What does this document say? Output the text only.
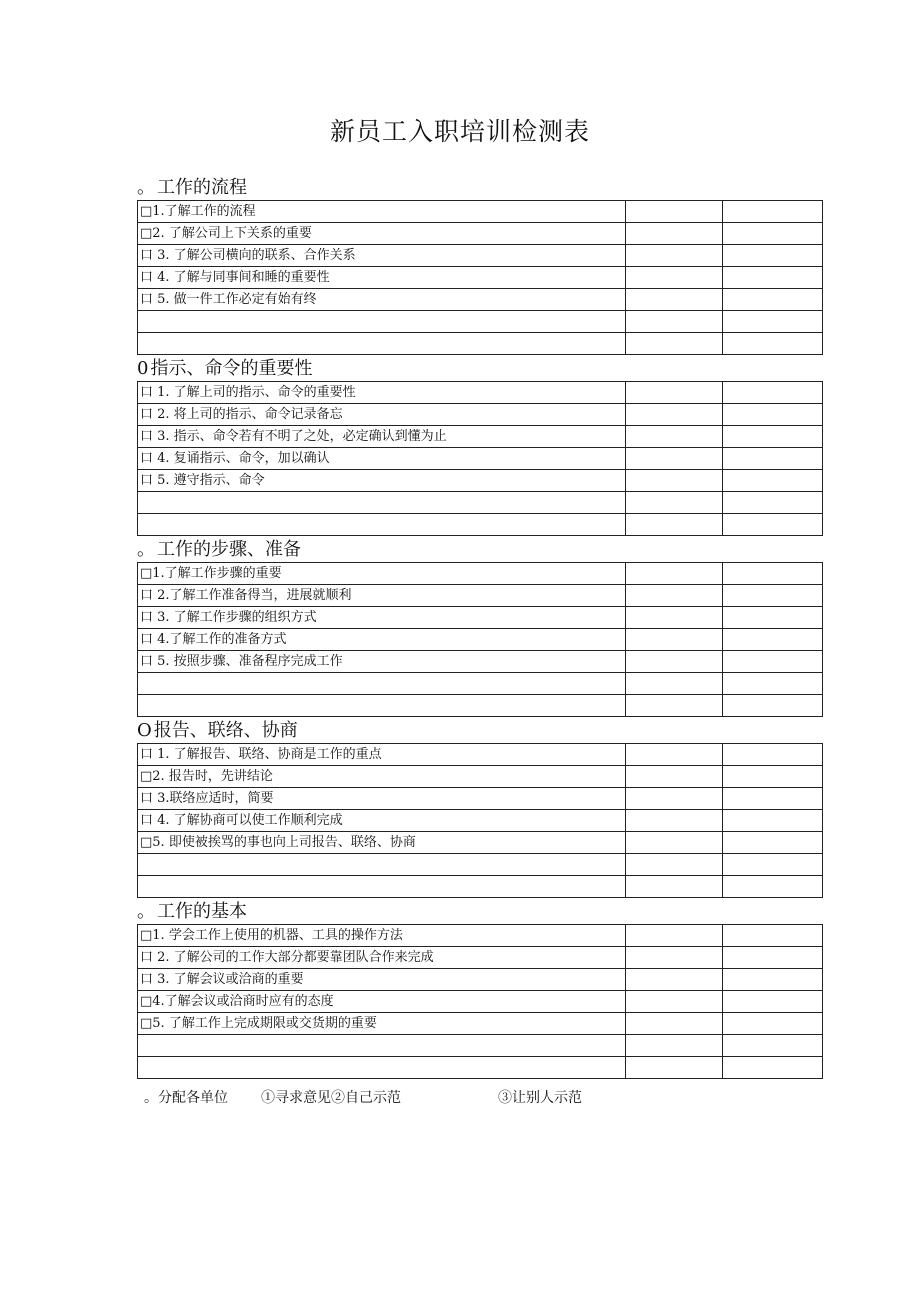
新员工入职培训检测表
。 工作的流程
□1.了解工作的流程		
□2. 了解公司上下关系的重要		
口 3. 了解公司横向的联系、合作关系		
口 4. 了解与同事间和睡的重要性		
口 5. 做一件工作必定有始有终		

0 指示、命令的重要性
口 1. 了解上司的指示、命令的重要性		
口 2. 将上司的指示、命令记录备忘		
口 3. 指示、命令若有不明了之处，必定确认到懂为止		
口 4. 复诵指示、命令，加以确认		
口 5. 遵守指示、命令		

。 工作的步骤、准备
□1.了解工作步骤的重要		
口 2.了解工作准备得当，进展就顺利		
口 3. 了解工作步骤的组织方式		
口 4.了解工作的准备方式		
口 5. 按照步骤、准备程序完成工作		

O 报告、联络、协商
口 1. 了解报告、联络、协商是工作的重点		
□2. 报告时，先讲结论		
口 3.联络应适时，简要		
口 4. 了解协商可以使工作顺利完成		
□5. 即使被挨骂的事也向上司报告、联络、协商		

。 工作的基本
□1. 学会工作上使用的机器、工具的操作方法		
口 2. 了解公司的工作大部分都要靠团队合作来完成		
口 3. 了解会议或洽商的重要		
□4.了解会议或洽商时应有的态度		
□5. 了解工作上完成期限或交货期的重要		

。分配各单位 ①寻求意见②自己示范	③让别人示范
